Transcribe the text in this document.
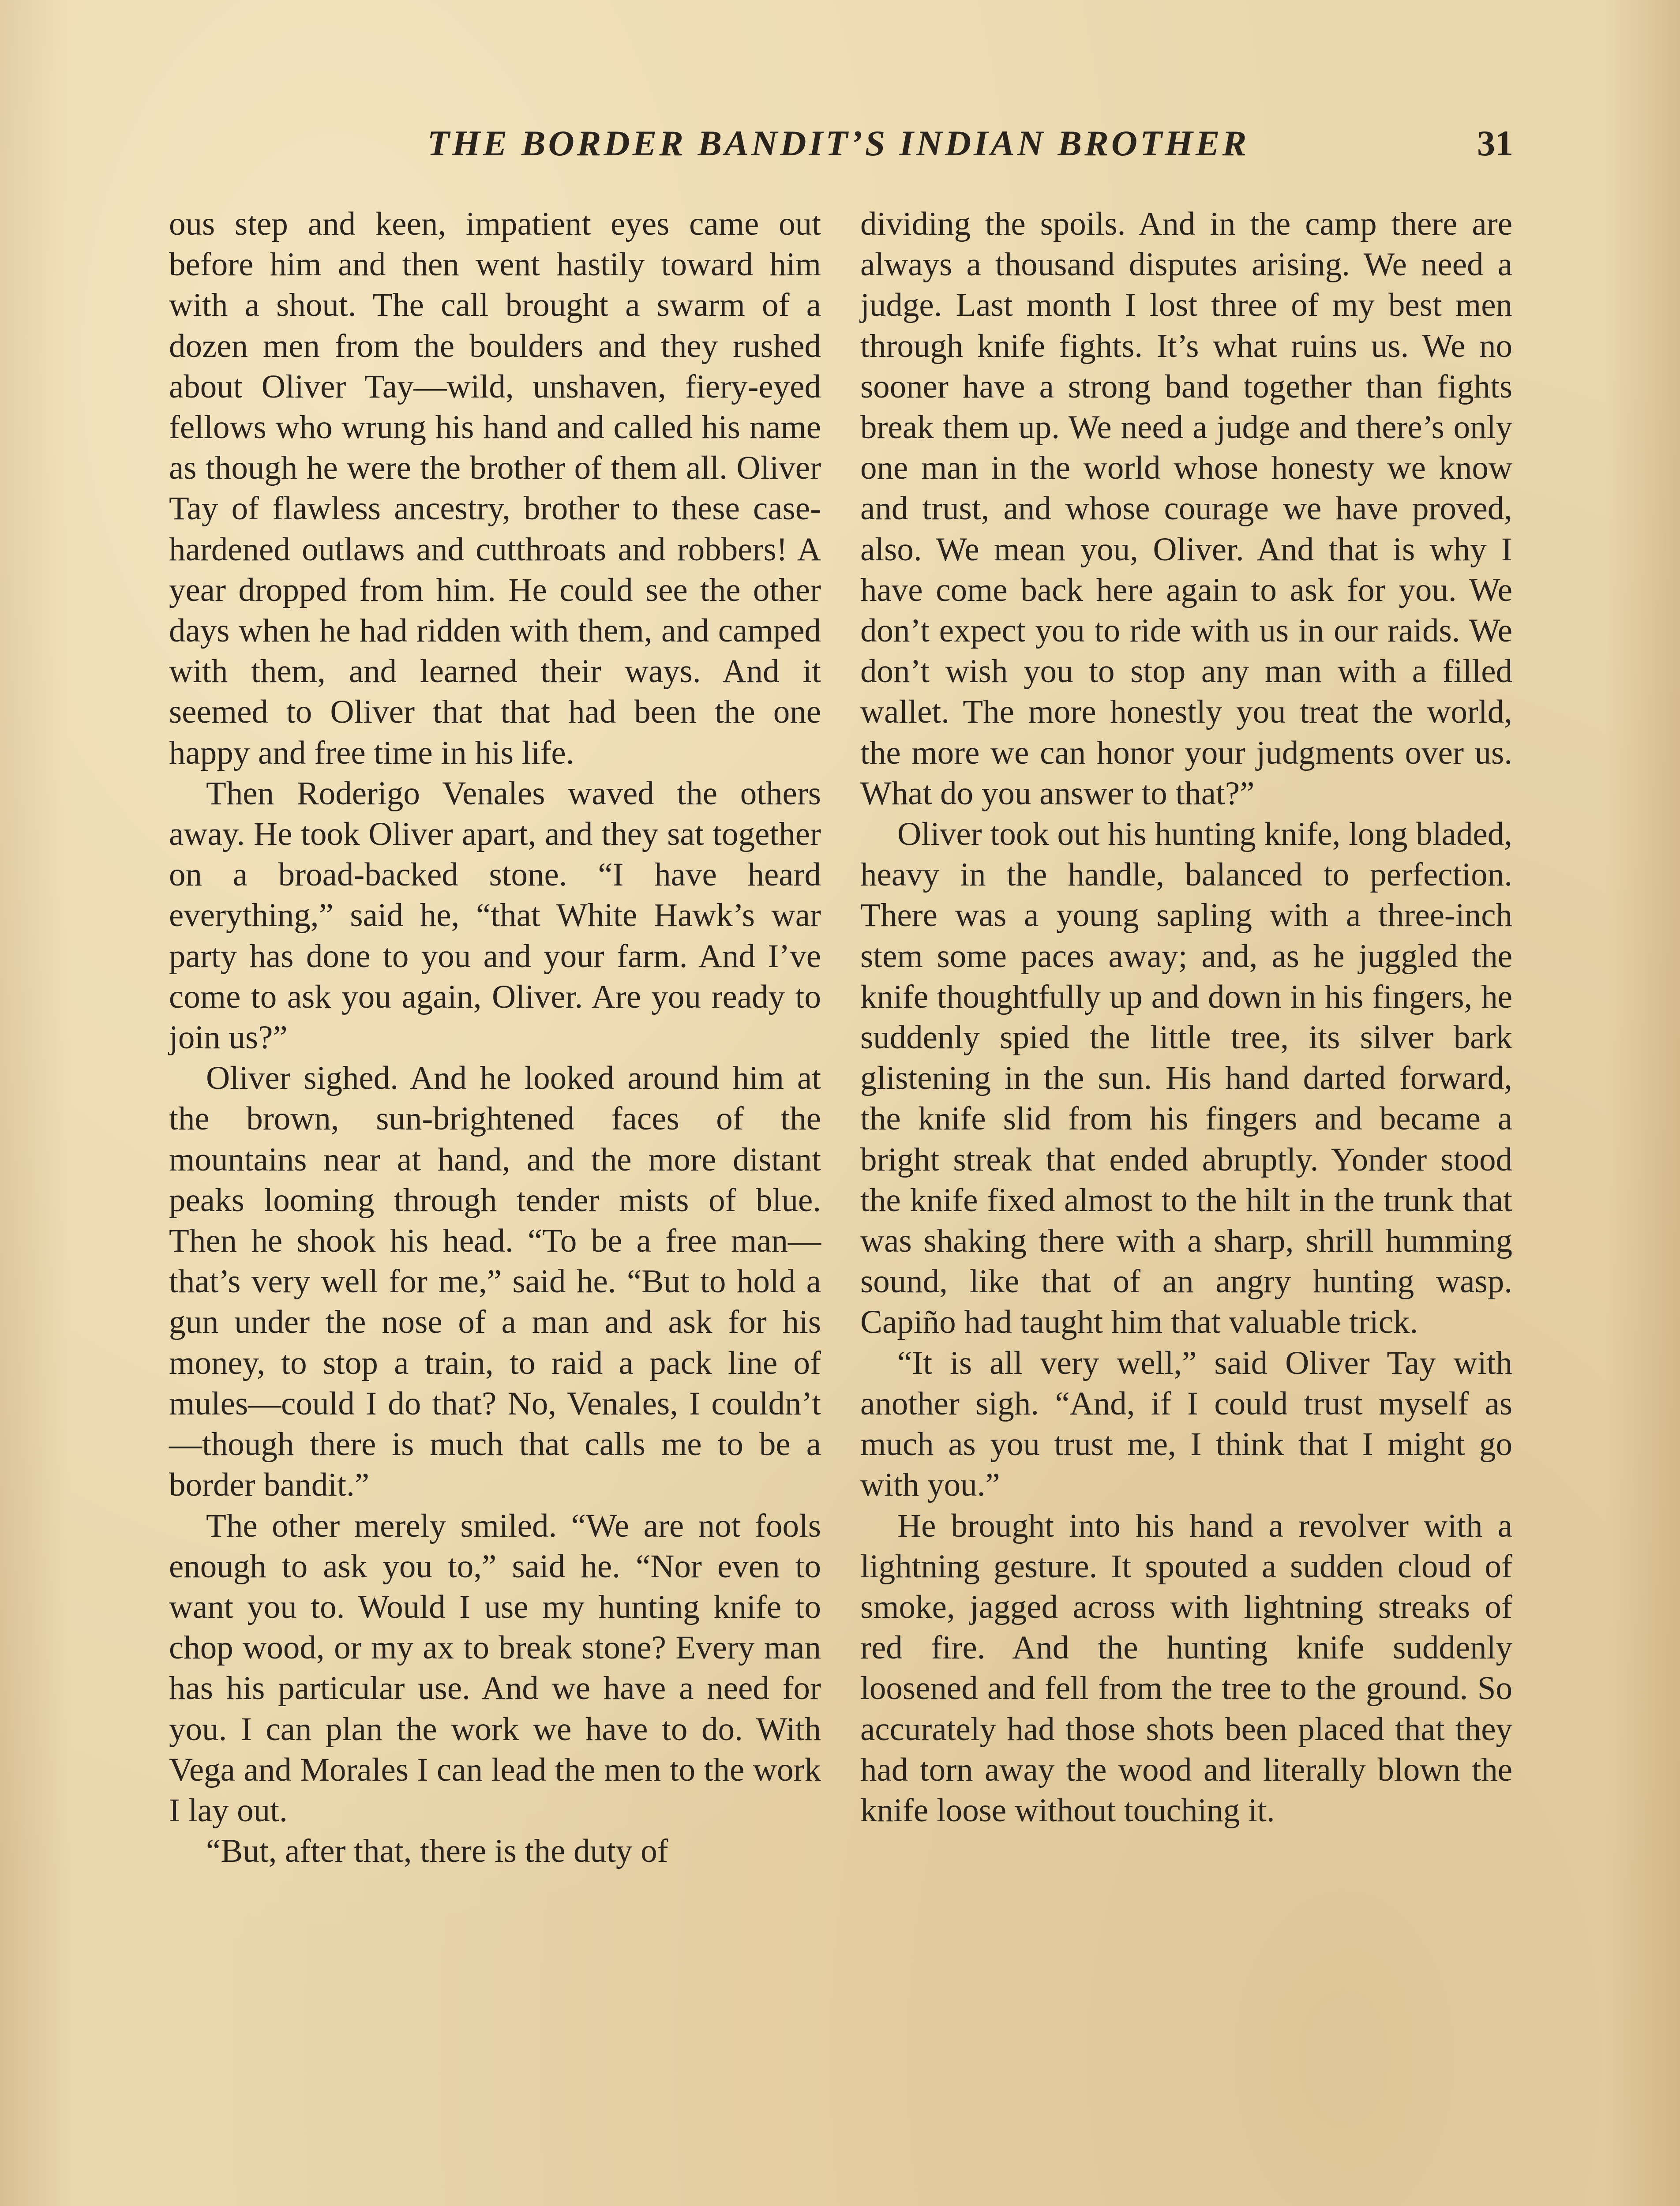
THE BORDER BANDIT’S INDIAN BROTHER	31

ous step and keen, impatient eyes came out before him and then went hastily toward him with a shout. The call brought a swarm of a dozen men from the boulders and they rushed about Oliver Tay—wild, unshaven, fiery-eyed fellows who wrung his hand and called his name as though he were the brother of them all. Oliver Tay of flawless ancestry, brother to these case-hardened outlaws and cutthroats and robbers! A year dropped from him. He could see the other days when he had ridden with them, and camped with them, and learned their ways. And it seemed to Oliver that that had been the one happy and free time in his life.

Then Roderigo Venales waved the others away. He took Oliver apart, and they sat together on a broad-backed stone. “I have heard everything,” said he, “that White Hawk’s war party has done to you and your farm. And I’ve come to ask you again, Oliver. Are you ready to join us?”

Oliver sighed. And he looked around him at the brown, sun-brightened faces of the mountains near at hand, and the more distant peaks looming through tender mists of blue. Then he shook his head. “To be a free man—that’s very well for me,” said he. “But to hold a gun under the nose of a man and ask for his money, to stop a train, to raid a pack line of mules—could I do that? No, Venales, I couldn’t—though there is much that calls me to be a border bandit.”

The other merely smiled. “We are not fools enough to ask you to,” said he. “Nor even to want you to. Would I use my hunting knife to chop wood, or my ax to break stone? Every man has his particular use. And we have a need for you. I can plan the work we have to do. With Vega and Morales I can lead the men to the work I lay out.

“But, after that, there is the duty of

dividing the spoils. And in the camp there are always a thousand disputes arising. We need a judge. Last month I lost three of my best men through knife fights. It’s what ruins us. We no sooner have a strong band together than fights break them up. We need a judge and there’s only one man in the world whose honesty we know and trust, and whose courage we have proved, also. We mean you, Oliver. And that is why I have come back here again to ask for you. We don’t expect you to ride with us in our raids. We don’t wish you to stop any man with a filled wallet. The more honestly you treat the world, the more we can honor your judgments over us. What do you answer to that?”

Oliver took out his hunting knife, long bladed, heavy in the handle, balanced to perfection. There was a young sapling with a three-inch stem some paces away; and, as he juggled the knife thoughtfully up and down in his fingers, he suddenly spied the little tree, its silver bark glistening in the sun. His hand darted forward, the knife slid from his fingers and became a bright streak that ended abruptly. Yonder stood the knife fixed almost to the hilt in the trunk that was shaking there with a sharp, shrill humming sound, like that of an angry hunting wasp. Capiño had taught him that valuable trick.

“It is all very well,” said Oliver Tay with another sigh. “And, if I could trust myself as much as you trust me, I think that I might go with you.”

He brought into his hand a revolver with a lightning gesture. It spouted a sudden cloud of smoke, jagged across with lightning streaks of red fire. And the hunting knife suddenly loosened and fell from the tree to the ground. So accurately had those shots been placed that they had torn away the wood and literally blown the knife loose without touching it.
